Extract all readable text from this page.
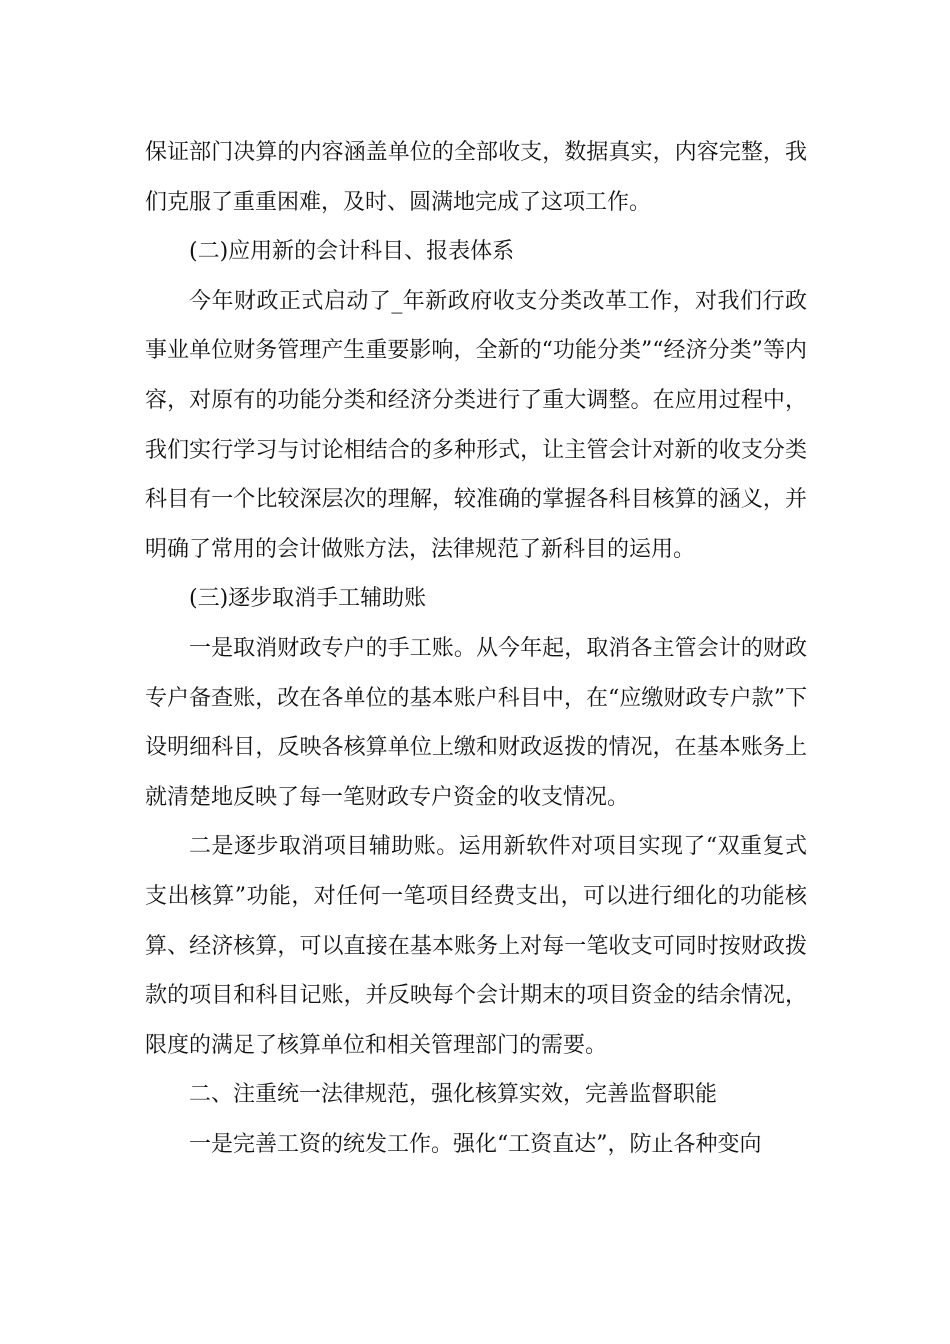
保证部门决算的内容涵盖单位的全部收支，数据真实，内容完整，我们克服了重重困难，及时、圆满地完成了这项工作。

(二)应用新的会计科目、报表体系

今年财政正式启动了_年新政府收支分类改革工作，对我们行政事业单位财务管理产生重要影响，全新的“功能分类”“经济分类”等内容，对原有的功能分类和经济分类进行了重大调整。在应用过程中，我们实行学习与讨论相结合的多种形式，让主管会计对新的收支分类科目有一个比较深层次的理解，较准确的掌握各科目核算的涵义，并明确了常用的会计做账方法，法律规范了新科目的运用。

(三)逐步取消手工辅助账

一是取消财政专户的手工账。从今年起，取消各主管会计的财政专户备查账，改在各单位的基本账户科目中，在“应缴财政专户款”下设明细科目，反映各核算单位上缴和财政返拨的情况，在基本账务上就清楚地反映了每一笔财政专户资金的收支情况。

二是逐步取消项目辅助账。运用新软件对项目实现了“双重复式支出核算”功能，对任何一笔项目经费支出，可以进行细化的功能核算、经济核算，可以直接在基本账务上对每一笔收支可同时按财政拨款的项目和科目记账，并反映每个会计期末的项目资金的结余情况，限度的满足了核算单位和相关管理部门的需要。

二、注重统一法律规范，强化核算实效，完善监督职能

一是完善工资的统发工作。强化“工资直达”，防止各种变向
